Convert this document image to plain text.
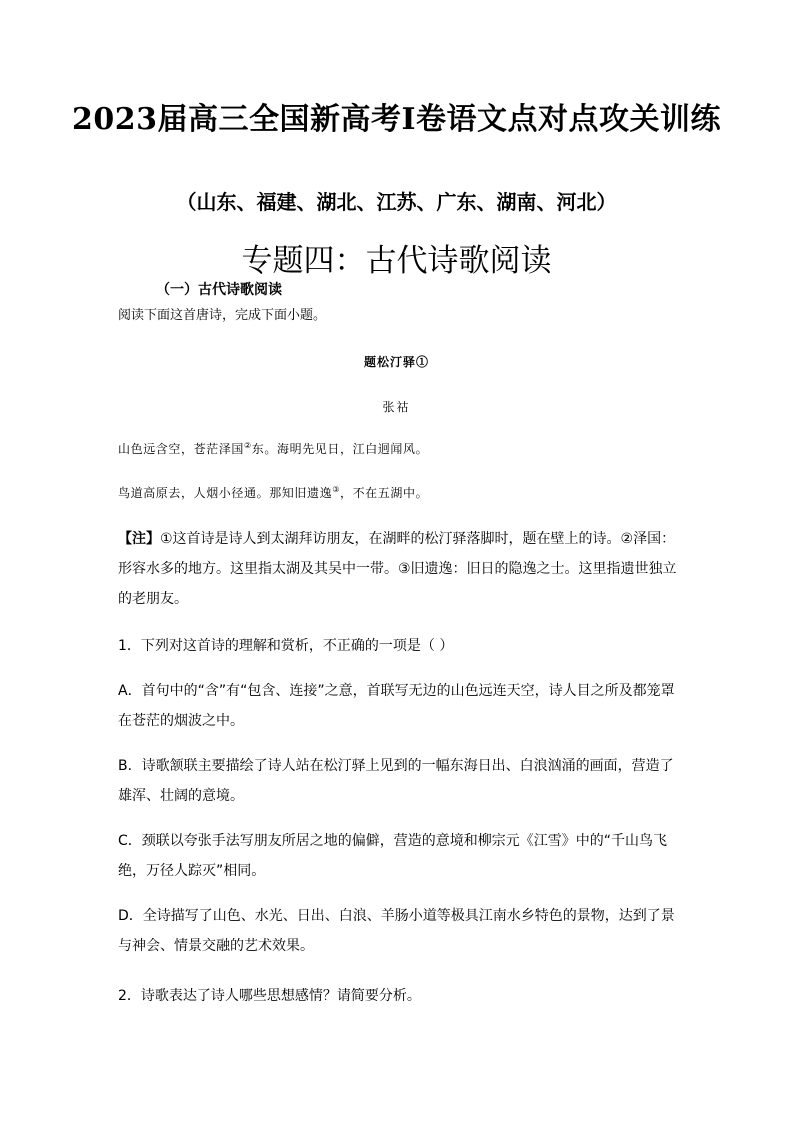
2023届高三全国新高考Ⅰ卷语文点对点攻关训练
（山东、福建、湖北、江苏、广东、湖南、河北）
专题四：古代诗歌阅读
（一）古代诗歌阅读
阅读下面这首唐诗，完成下面小题。
题松汀驿①
张祜
山色远含空，苍茫泽国②东。海明先见日，江白迥闻风。
鸟道高原去，人烟小径通。那知旧遗逸③，不在五湖中。
【注】①这首诗是诗人到太湖拜访朋友，在湖畔的松汀驿落脚时，题在壁上的诗。②泽国：形容水多的地方。这里指太湖及其吴中一带。③旧遗逸：旧日的隐逸之士。这里指遗世独立的老朋友。
1．下列对这首诗的理解和赏析，不正确的一项是（ ）
A．首句中的“含”有“包含、连接”之意，首联写无边的山色远连天空，诗人目之所及都笼罩在苍茫的烟波之中。
B．诗歌颔联主要描绘了诗人站在松汀驿上见到的一幅东海日出、白浪汹涌的画面，营造了雄浑、壮阔的意境。
C．颈联以夸张手法写朋友所居之地的偏僻，营造的意境和柳宗元《江雪》中的“千山鸟飞绝，万径人踪灭”相同。
D．全诗描写了山色、水光、日出、白浪、羊肠小道等极具江南水乡特色的景物，达到了景与神会、情景交融的艺术效果。
2．诗歌表达了诗人哪些思想感情？请简要分析。
